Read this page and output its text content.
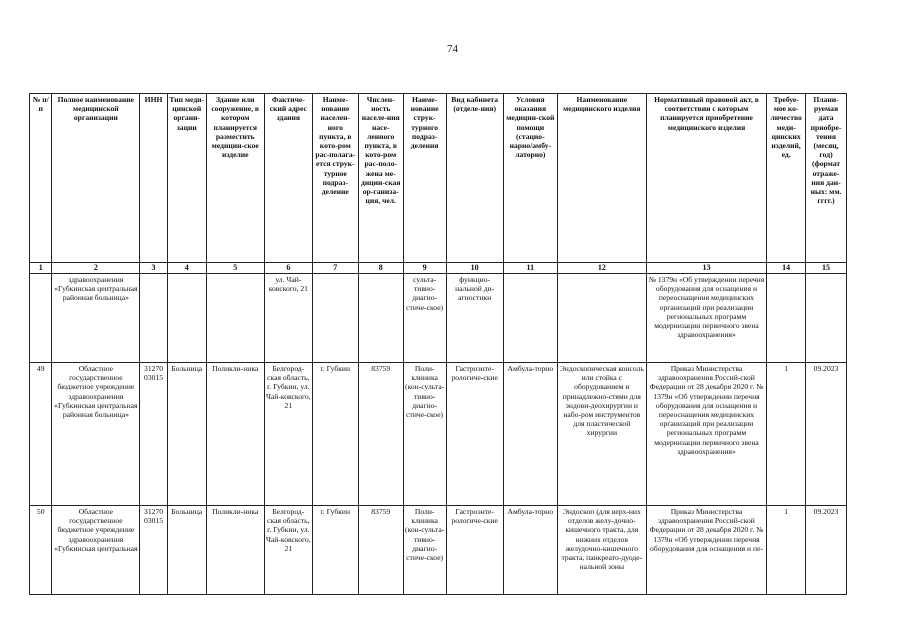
74
№ п/п	Полное наименование медицинской организации	ИНН	Тип меди-цинской органи-зации	Здание или сооружение, в котором планируется разместить медицин-ское изделие	Фактиче-ский адрес здания	Наиме-нование населен-ного пункта, в кото-ром рас-полага-ется струк-турное подраз-деление	Числен-ность населе-ния насе-ленного пункта, в кото-ром рас-поло-жена ме-дицин-ская ор-ганиза-ция, чел.	Наиме-нование струк-турного подраз-деления	Вид кабинета (отделе-ния)	Условия оказания медицин-ской помощи (стацио-нарно/амбу-латорно)	Наименование медицинского изделия	Нормативный правовой акт, в соответствии с которым планируется приобретение медицинского изделия	Требуе-мое ко-личество меди-цинских изделий, ед.	Плани-руемая дата приобре-тения (месяц, год) (формат отраже-ния дан-ных: мм. гггг.)
1	2	3	4	5	6	7	8	9	10	11	12	13	14	15
	здравоохранения «Губкинская центральная районная больница»				ул. Чай-ковского, 21			сульта-тивно-диагно-стиче-ское)	функцио-нальной ди-агностики			№ 1379н «Об утверждении перечня оборудования для оснащения и переоснащения медицинских организаций при реализации региональных программ модернизации первичного звена здравоохранения»		
49	Областное государственное бюджетное учреждение здравоохранения «Губкинская центральная районная больница»	31270 03015	Больница	Поликли-ника	Белгород-ская область, г. Губкин, ул. Чай-ковского, 21	г. Губкин	83759	Поли-клиника (кон-сульта-тивно-диагно-стиче-ское)	Гастроэнте-рологиче-ские	Амбула-торно	Эндоскопическая консоль или стойка с оборудованием и принадлежно-стями для эндови-деохирургии и набо-ром инструментов для пластической хирургии	Приказ Министерства здравоохранения Россий-ской Федерации от 28 декабря 2020 г. № 1379н «Об утверждении перечня оборудования для оснащения и переоснащения медицинских организаций при реализации региональных программ модернизации первичного звена здравоохранения»	1	09.2023
50	Областное государственное бюджетное учреждение здравоохранения «Губкинская центральная	31270 03015	Больница	Поликли-ника	Белгород-ская область, г. Губкин, ул. Чай-ковского, 21	г. Губкин	83759	Поли-клиника (кон-сульта-тивно-диагно-стиче-ское)	Гастроэнте-рологиче-ские	Амбула-торно	Эндоскоп (для верх-них отделов желу-дочно-кишечного тракта, для нижних отделов желудочно-кишечного тракта, панкреато-дуоде-нальной зоны	Приказ Министерства здравоохранения Россий-ской Федерации от 28 декабря 2020 г. № 1379н «Об утверждении перечня оборудования для оснащения и пе-	1	09.2023
